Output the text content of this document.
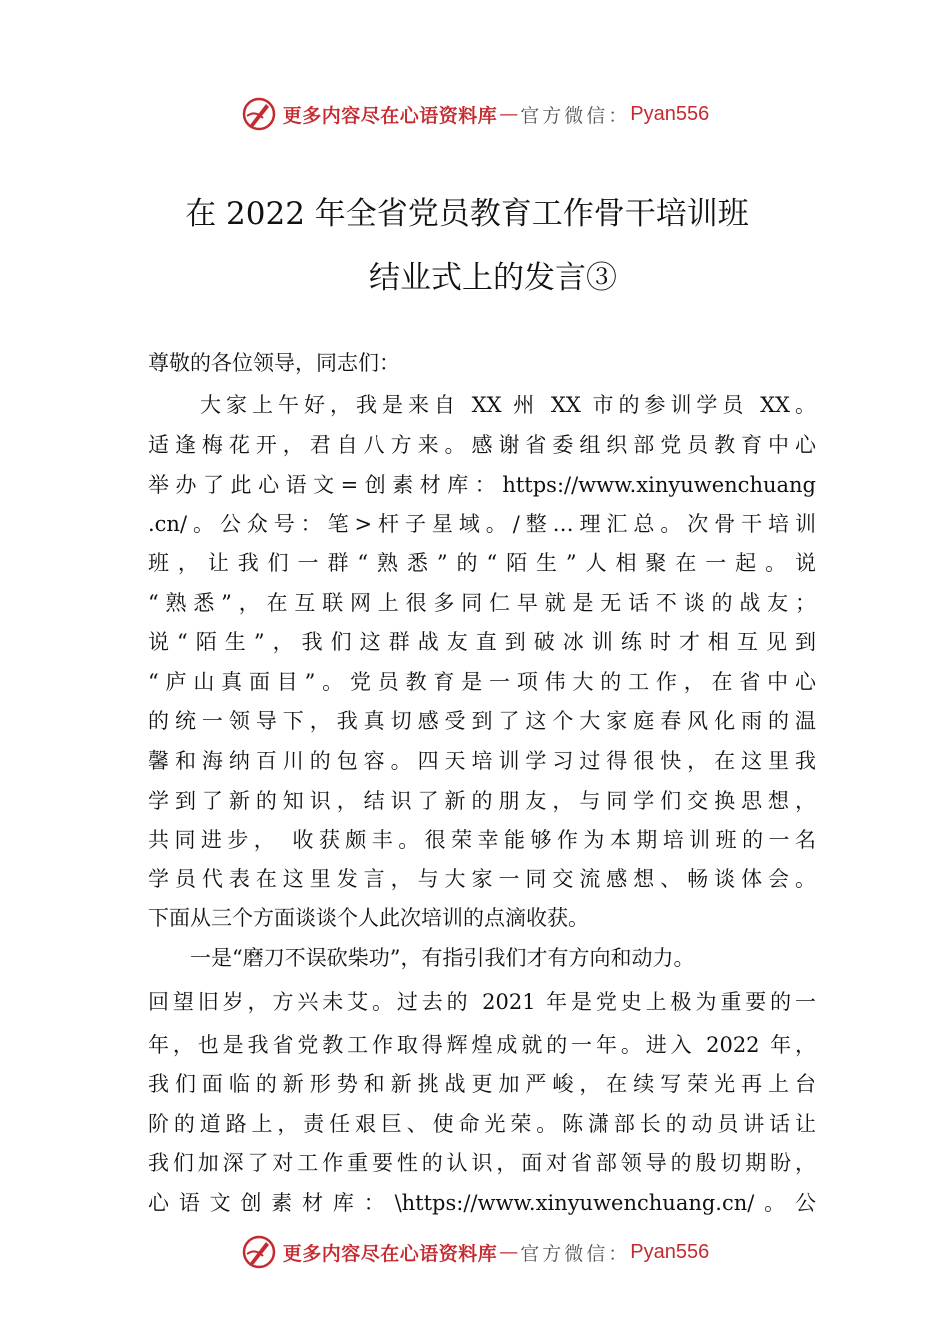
更多内容尽在心语资料库 — 官方微信： Pyan556
在 2022 年全省党员教育工作骨干培训班
结业式上的发言③

尊敬的各位领导，同志们：

　　大家上午好，我是来自 XX 州 XX 市的参训学员 XX。

适逢梅花开，君自八方来。感谢省委组织部党员教育中心

举办了此心语文=创素材库：https://www.xinyuwenchuang

.cn/。公众号：笔>杆子星域。/整…理汇总。次骨干培训

班，让我们一群“熟悉”的“陌生”人相聚在一起。说

“熟悉”，在互联网上很多同仁早就是无话不谈的战友；

说“陌生”，我们这群战友直到破冰训练时才相互见到

“庐山真面目”。党员教育是一项伟大的工作，在省中心

的统一领导下，我真切感受到了这个大家庭春风化雨的温

馨和海纳百川的包容。四天培训学习过得很快，在这里我

学到了新的知识，结识了新的朋友，与同学们交换思想，

共同进步， 收获颇丰。很荣幸能够作为本期培训班的一名

学员代表在这里发言，与大家一同交流感想、畅谈体会。

下面从三个方面谈谈个人此次培训的点滴收获。

　　一是“磨刀不误砍柴功”，有指引我们才有方向和动力。

回望旧岁，方兴未艾。过去的 2021 年是党史上极为重要的一

年，也是我省党教工作取得辉煌成就的一年。进入 2022 年，

我们面临的新形势和新挑战更加严峻，在续写荣光再上台

阶的道路上，责任艰巨、使命光荣。陈潇部长的动员讲话让

我们加深了对工作重要性的认识，面对省部领导的殷切期盼，

心语文创素材库：\https://www.xinyuwenchuang.cn/。公

更多内容尽在心语资料库 — 官方微信： Pyan556
